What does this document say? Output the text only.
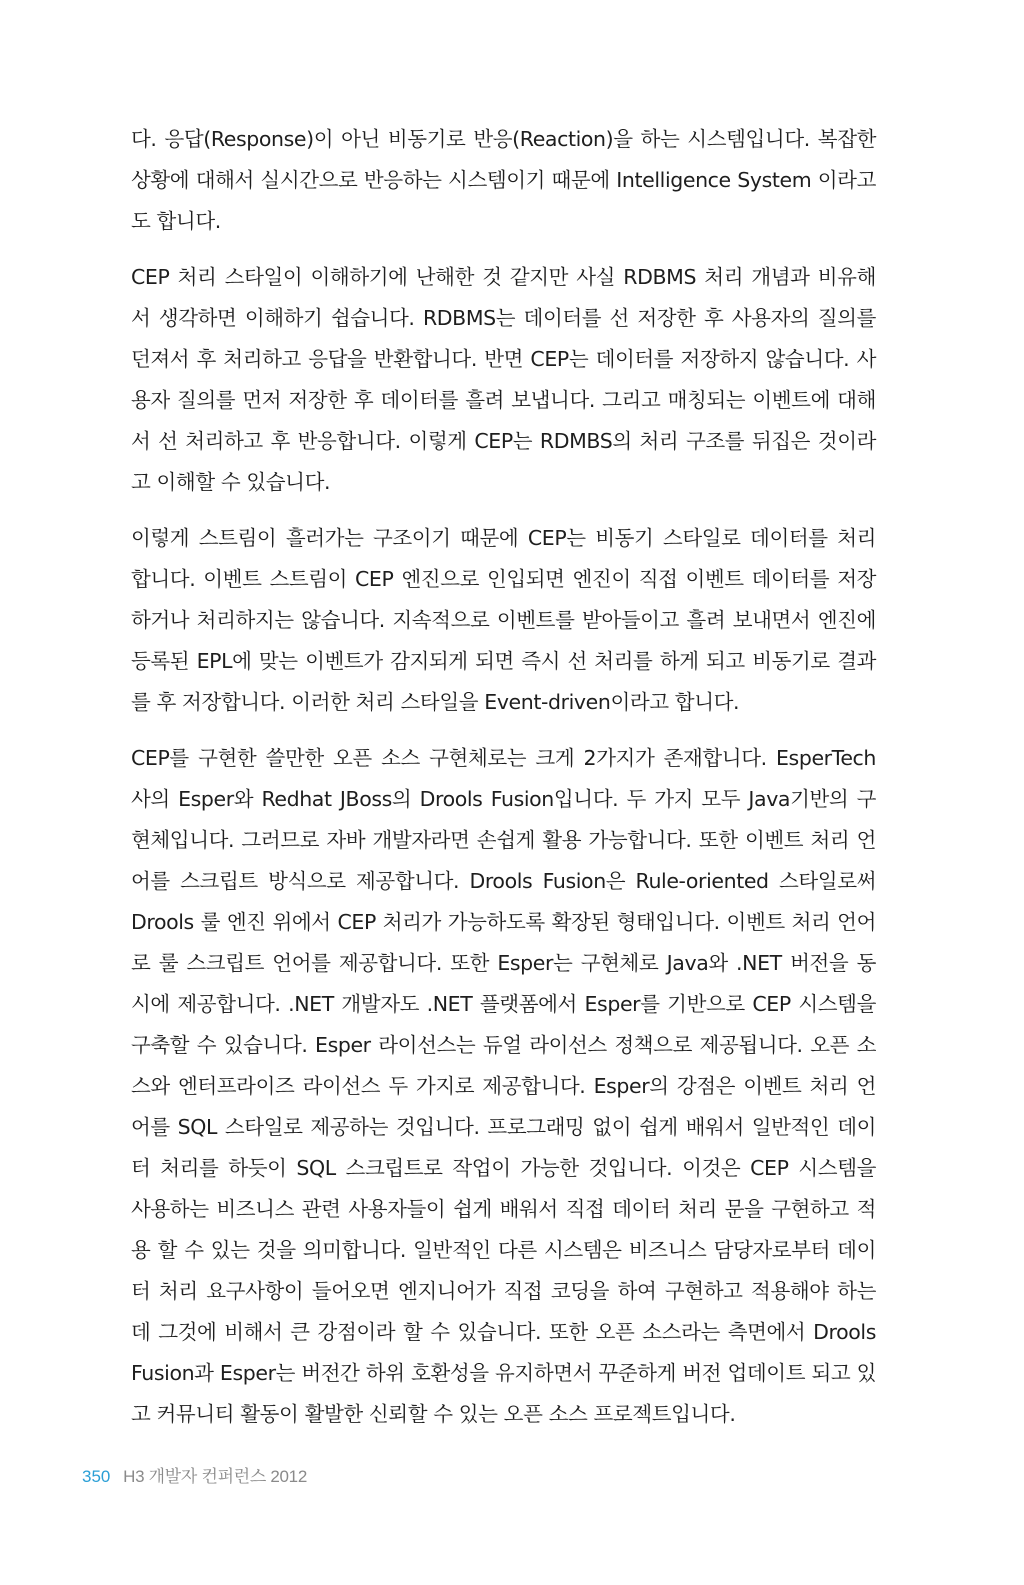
다. 응답(Response)이 아닌 비동기로 반응(Reaction)을 하는 시스템입니다. 복잡한
상황에 대해서 실시간으로 반응하는 시스템이기 때문에 Intelligence System 이라고
도 합니다.

CEP 처리 스타일이 이해하기에 난해한 것 같지만 사실 RDBMS 처리 개념과 비유해
서 생각하면 이해하기 쉽습니다. RDBMS는 데이터를 선 저장한 후 사용자의 질의를
던져서 후 처리하고 응답을 반환합니다. 반면 CEP는 데이터를 저장하지 않습니다. 사
용자 질의를 먼저 저장한 후 데이터를 흘려 보냅니다. 그리고 매칭되는 이벤트에 대해
서 선 처리하고 후 반응합니다. 이렇게 CEP는 RDMBS의 처리 구조를 뒤집은 것이라
고 이해할 수 있습니다.

이렇게 스트림이 흘러가는 구조이기 때문에 CEP는 비동기 스타일로 데이터를 처리
합니다. 이벤트 스트림이 CEP 엔진으로 인입되면 엔진이 직접 이벤트 데이터를 저장
하거나 처리하지는 않습니다. 지속적으로 이벤트를 받아들이고 흘려 보내면서 엔진에
등록된 EPL에 맞는 이벤트가 감지되게 되면 즉시 선 처리를 하게 되고 비동기로 결과
를 후 저장합니다. 이러한 처리 스타일을 Event-driven이라고 합니다.

CEP를 구현한 쓸만한 오픈 소스 구현체로는 크게 2가지가 존재합니다. EsperTech
사의 Esper와 Redhat JBoss의 Drools Fusion입니다. 두 가지 모두 Java기반의 구
현체입니다. 그러므로 자바 개발자라면 손쉽게 활용 가능합니다. 또한 이벤트 처리 언
어를 스크립트 방식으로 제공합니다. Drools Fusion은 Rule-oriented 스타일로써
Drools 룰 엔진 위에서 CEP 처리가 가능하도록 확장된 형태입니다. 이벤트 처리 언어
로 룰 스크립트 언어를 제공합니다. 또한 Esper는 구현체로 Java와 .NET 버전을 동
시에 제공합니다. .NET 개발자도 .NET 플랫폼에서 Esper를 기반으로 CEP 시스템을
구축할 수 있습니다. Esper 라이선스는 듀얼 라이선스 정책으로 제공됩니다. 오픈 소
스와 엔터프라이즈 라이선스 두 가지로 제공합니다. Esper의 강점은 이벤트 처리 언
어를 SQL 스타일로 제공하는 것입니다. 프로그래밍 없이 쉽게 배워서 일반적인 데이
터 처리를 하듯이 SQL 스크립트로 작업이 가능한 것입니다. 이것은 CEP 시스템을
사용하는 비즈니스 관련 사용자들이 쉽게 배워서 직접 데이터 처리 문을 구현하고 적
용 할 수 있는 것을 의미합니다. 일반적인 다른 시스템은 비즈니스 담당자로부터 데이
터 처리 요구사항이 들어오면 엔지니어가 직접 코딩을 하여 구현하고 적용해야 하는
데 그것에 비해서 큰 강점이라 할 수 있습니다. 또한 오픈 소스라는 측면에서 Drools
Fusion과 Esper는 버전간 하위 호환성을 유지하면서 꾸준하게 버전 업데이트 되고 있
고 커뮤니티 활동이 활발한 신뢰할 수 있는 오픈 소스 프로젝트입니다.

350 H3 개발자 컨퍼런스 2012
